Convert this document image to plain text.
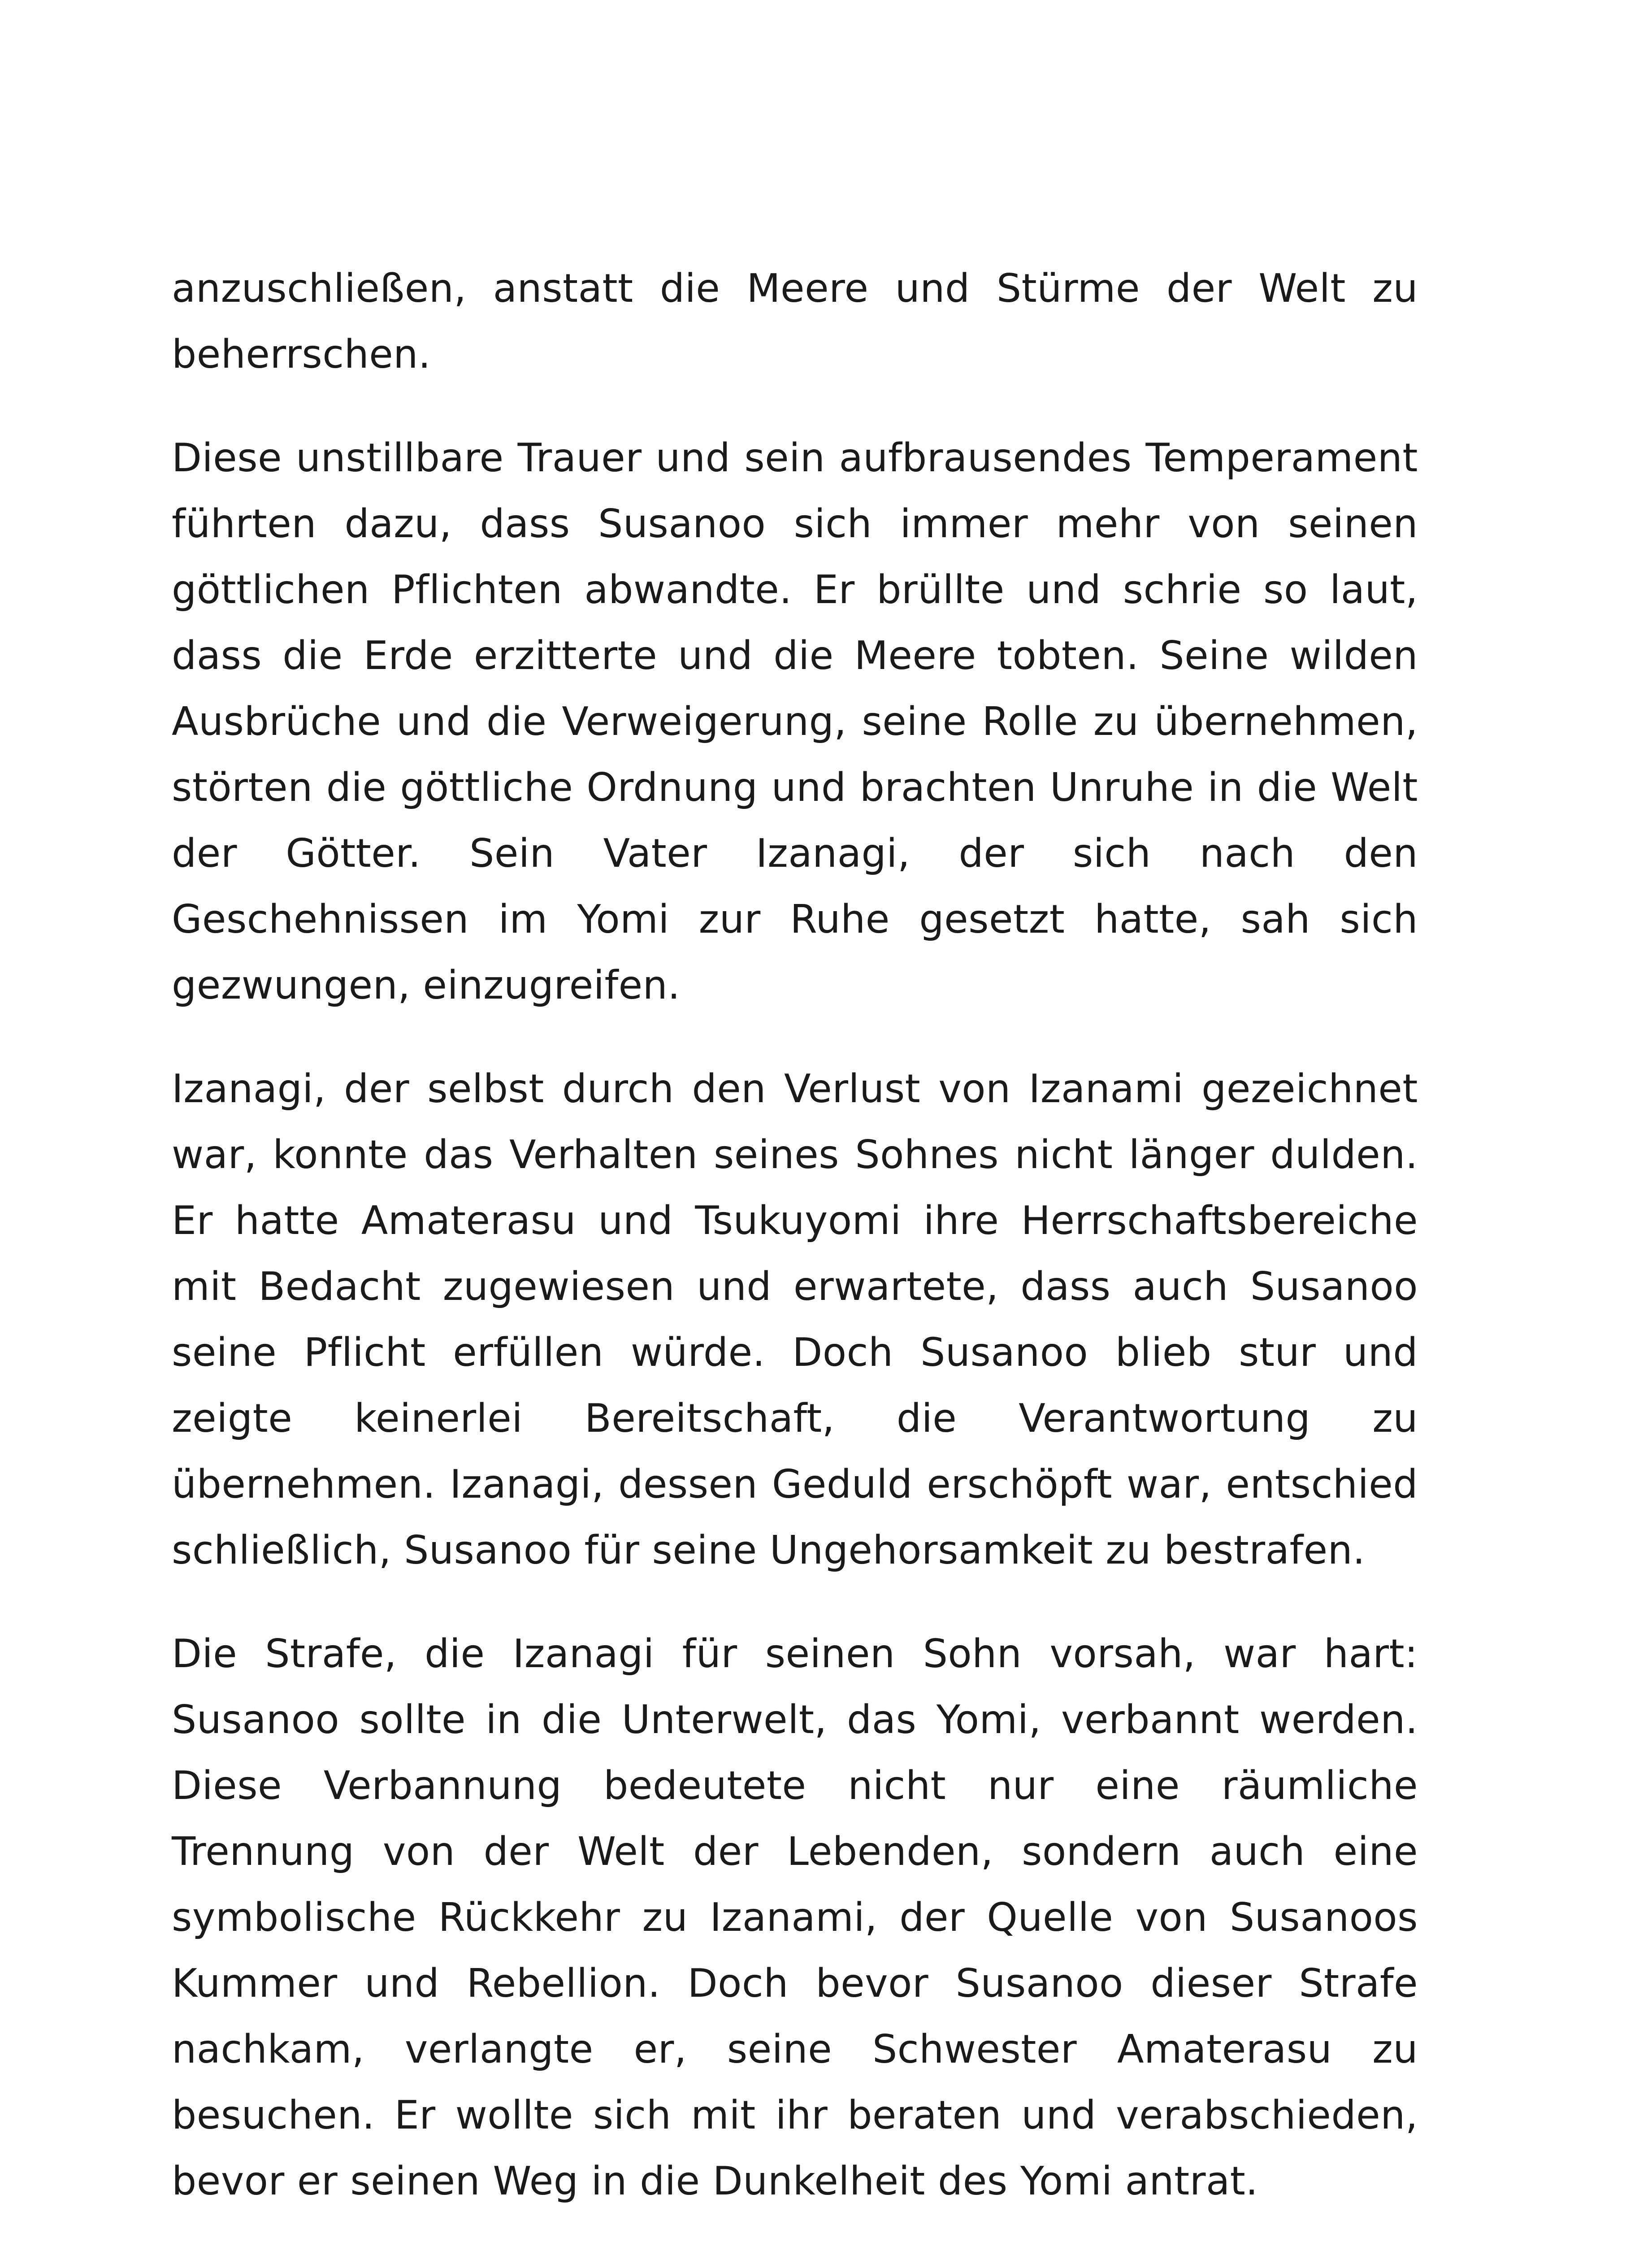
anzuschließen, anstatt die Meere und Stürme der Welt zu beherrschen.

Diese unstillbare Trauer und sein aufbrausendes Temperament führten dazu, dass Susanoo sich immer mehr von seinen göttlichen Pflichten abwandte. Er brüllte und schrie so laut, dass die Erde erzitterte und die Meere tobten. Seine wilden Ausbrüche und die Verweigerung, seine Rolle zu übernehmen, störten die göttliche Ordnung und brachten Unruhe in die Welt der Götter. Sein Vater Izanagi, der sich nach den Geschehnissen im Yomi zur Ruhe gesetzt hatte, sah sich gezwungen, einzugreifen.

Izanagi, der selbst durch den Verlust von Izanami gezeichnet war, konnte das Verhalten seines Sohnes nicht länger dulden. Er hatte Amaterasu und Tsukuyomi ihre Herrschaftsbereiche mit Bedacht zugewiesen und erwartete, dass auch Susanoo seine Pflicht erfüllen würde. Doch Susanoo blieb stur und zeigte keinerlei Bereitschaft, die Verantwortung zu übernehmen. Izanagi, dessen Geduld erschöpft war, entschied schließlich, Susanoo für seine Ungehorsamkeit zu bestrafen.

Die Strafe, die Izanagi für seinen Sohn vorsah, war hart: Susanoo sollte in die Unterwelt, das Yomi, verbannt werden. Diese Verbannung bedeutete nicht nur eine räumliche Trennung von der Welt der Lebenden, sondern auch eine symbolische Rückkehr zu Izanami, der Quelle von Susanoos Kummer und Rebellion. Doch bevor Susanoo dieser Strafe nachkam, verlangte er, seine Schwester Amaterasu zu besuchen. Er wollte sich mit ihr beraten und verabschieden, bevor er seinen Weg in die Dunkelheit des Yomi antrat.
